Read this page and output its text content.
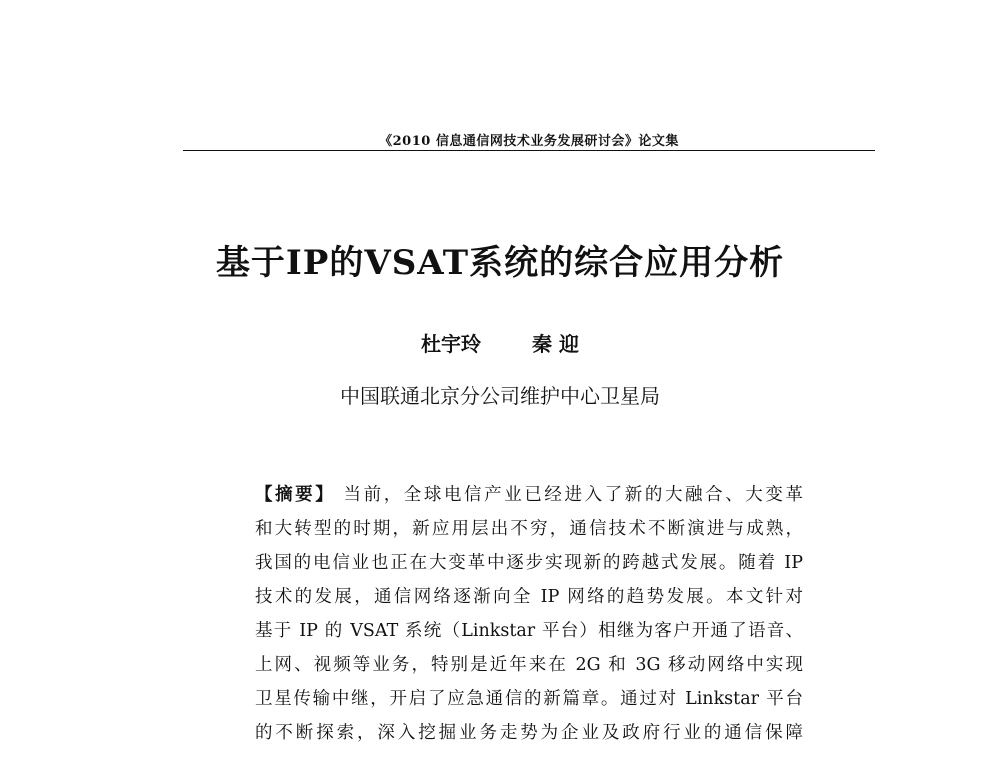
《2010 信息通信网技术业务发展研讨会》论文集
基于IP的VSAT系统的综合应用分析
杜宇玲	秦 迎
中国联通北京分公司维护中心卫星局
【摘要】 当前，全球电信产业已经进入了新的大融合、大变革
和大转型的时期，新应用层出不穷，通信技术不断演进与成熟，
我国的电信业也正在大变革中逐步实现新的跨越式发展。随着 IP
技术的发展，通信网络逐渐向全 IP 网络的趋势发展。本文针对
基于 IP 的 VSAT 系统（Linkstar 平台）相继为客户开通了语音、
上网、视频等业务，特别是近年来在 2G 和 3G 移动网络中实现
卫星传输中继，开启了应急通信的新篇章。通过对 Linkstar 平台
的不断探索，深入挖掘业务走势为企业及政府行业的通信保障
